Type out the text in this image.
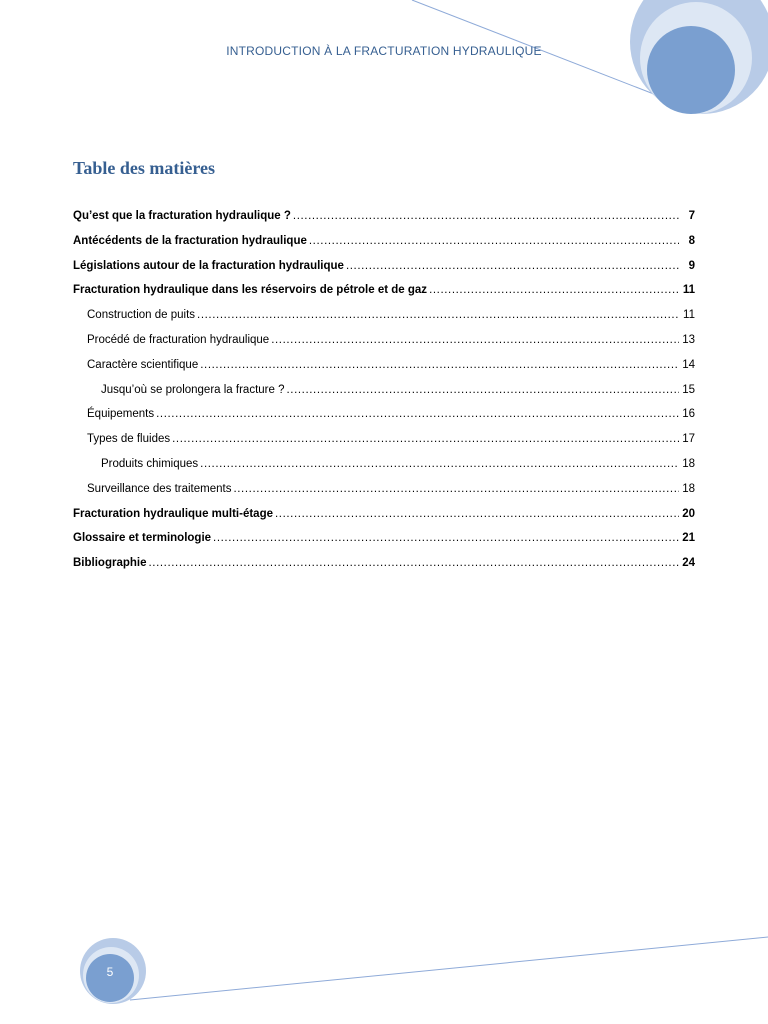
INTRODUCTION À LA FRACTURATION HYDRAULIQUE
Table des matières
Qu’est que la fracturation hydraulique ? .....	7
Antécédents de la fracturation hydraulique .....	8
Législations autour de la fracturation hydraulique .....	9
Fracturation hydraulique dans les réservoirs de pétrole et de gaz .....	11
Construction de puits .....	11
Procédé de fracturation hydraulique .....	13
Caractère scientifique .....	14
Jusqu’où se prolongera la fracture ? .....	15
Équipements .....	16
Types de fluides .....	17
Produits chimiques .....	18
Surveillance des traitements .....	18
Fracturation hydraulique multi-étage .....	20
Glossaire et terminologie .....	21
Bibliographie .....	24
5
